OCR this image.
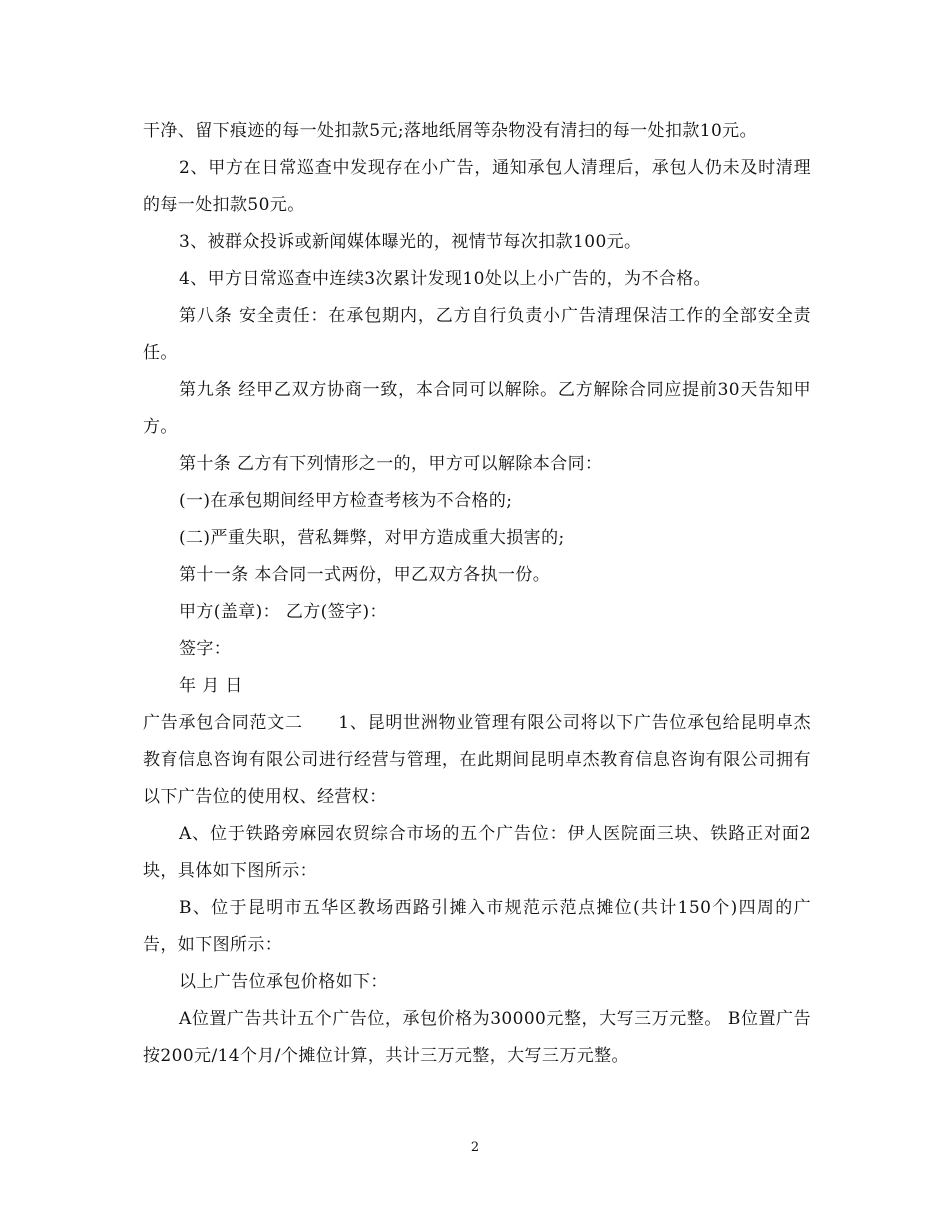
干净、留下痕迹的每一处扣款5元;落地纸屑等杂物没有清扫的每一处扣款10元。

2、甲方在日常巡查中发现存在小广告，通知承包人清理后，承包人仍未及时清理的每一处扣款50元。

3、被群众投诉或新闻媒体曝光的，视情节每次扣款100元。

4、甲方日常巡查中连续3次累计发现10处以上小广告的，为不合格。

第八条 安全责任：在承包期内，乙方自行负责小广告清理保洁工作的全部安全责任。

第九条 经甲乙双方协商一致，本合同可以解除。乙方解除合同应提前30天告知甲方。

第十条 乙方有下列情形之一的，甲方可以解除本合同：

(一)在承包期间经甲方检查考核为不合格的;

(二)严重失职，营私舞弊，对甲方造成重大损害的;

第十一条 本合同一式两份，甲乙双方各执一份。

甲方(盖章)： 乙方(签字)：

签字：

年 月 日

广告承包合同范文二　　1、昆明世洲物业管理有限公司将以下广告位承包给昆明卓杰教育信息咨询有限公司进行经营与管理，在此期间昆明卓杰教育信息咨询有限公司拥有以下广告位的使用权、经营权：

A、位于铁路旁麻园农贸综合市场的五个广告位：伊人医院面三块、铁路正对面2块，具体如下图所示：

B、位于昆明市五华区教场西路引摊入市规范示范点摊位(共计150个)四周的广告，如下图所示：

以上广告位承包价格如下：

A位置广告共计五个广告位，承包价格为30000元整，大写三万元整。 B位置广告按200元/14个月/个摊位计算，共计三万元整，大写三万元整。

2
